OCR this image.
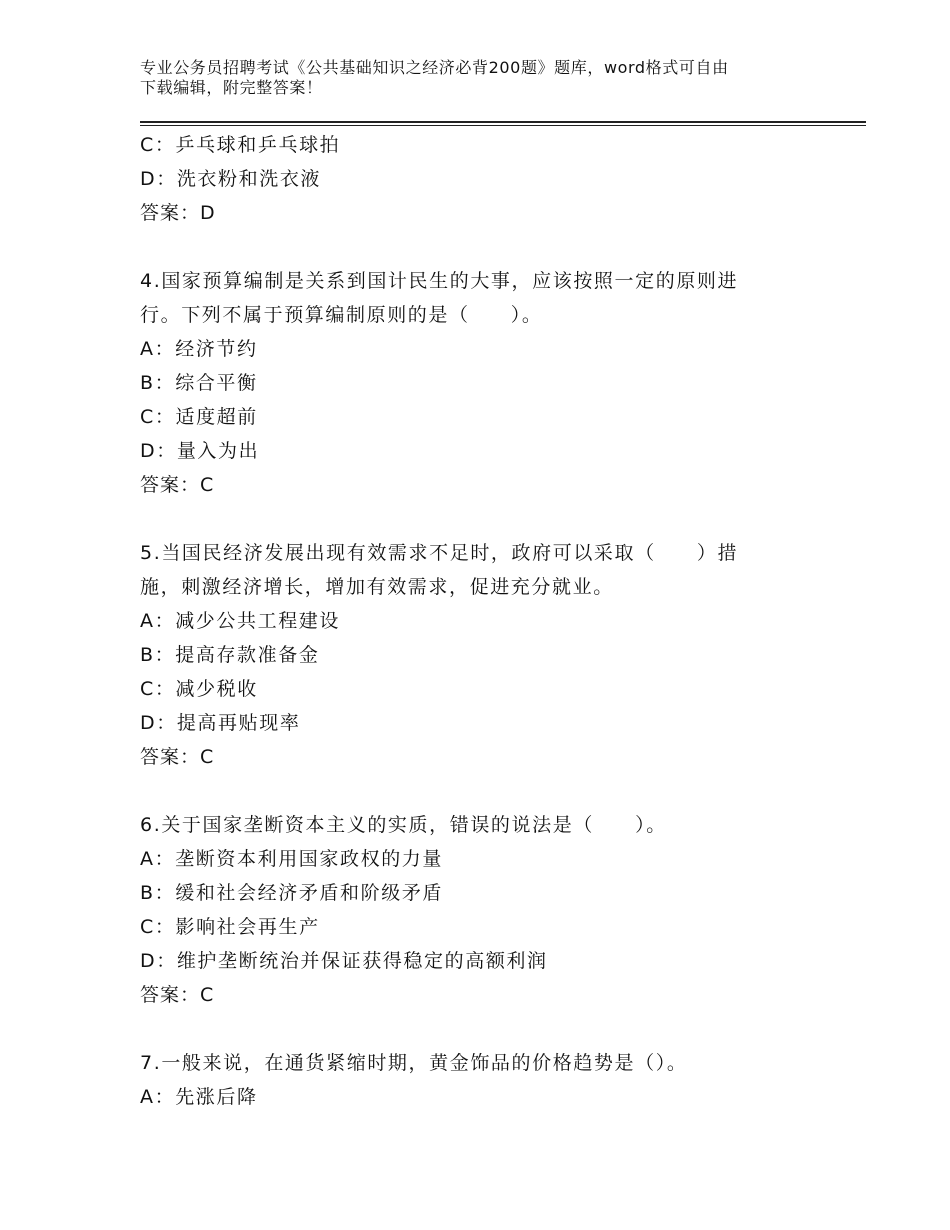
专业公务员招聘考试《公共基础知识之经济必背200题》题库，word格式可自由
下载编辑，附完整答案！
C：乒乓球和乒乓球拍
D：洗衣粉和洗衣液
答案：D
4.国家预算编制是关系到国计民生的大事，应该按照一定的原则进
行。下列不属于预算编制原则的是（　　）。
A：经济节约
B：综合平衡
C：适度超前
D：量入为出
答案：C
5.当国民经济发展出现有效需求不足时，政府可以采取（　　）措
施，刺激经济增长，增加有效需求，促进充分就业。
A：减少公共工程建设
B：提高存款准备金
C：减少税收
D：提高再贴现率
答案：C
6.关于国家垄断资本主义的实质，错误的说法是（　　）。
A：垄断资本利用国家政权的力量
B：缓和社会经济矛盾和阶级矛盾
C：影响社会再生产
D：维护垄断统治并保证获得稳定的高额利润
答案：C
7.一般来说，在通货紧缩时期，黄金饰品的价格趋势是（）。
A：先涨后降
